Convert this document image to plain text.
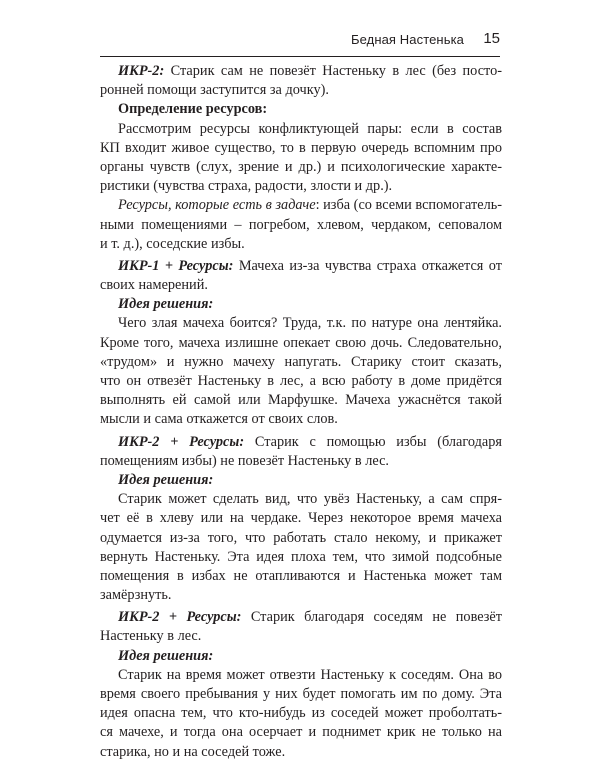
Бедная Настенька 15
ИКР-2: Старик сам не повезёт Настеньку в лес (без посто-
ронней помощи заступится за дочку).
Определение ресурсов:
Рассмотрим ресурсы конфликтующей пары: если в состав
КП входит живое существо, то в первую очередь вспомним про
органы чувств (слух, зрение и др.) и психологические характе-
ристики (чувства страха, радости, злости и др.).
Ресурсы, которые есть в задаче: изба (со всеми вспомогатель-
ными помещениями – погребом, хлевом, чердаком, сеповалом
и т. д.), соседские избы.
ИКР-1 + Ресурсы: Мачеха из-за чувства страха откажется от
своих намерений.
Идея решения:
Чего злая мачеха боится? Труда, т.к. по натуре она лентяйка.
Кроме того, мачеха излишне опекает свою дочь. Следовательно,
«трудом» и нужно мачеху напугать. Старику стоит сказать,
что он отвезёт Настеньку в лес, а всю работу в доме придётся
выполнять ей самой или Марфушке. Мачеха ужаснётся такой
мысли и сама откажется от своих слов.
ИКР-2 + Ресурсы: Старик с помощью избы (благодаря
помещениям избы) не повезёт Настеньку в лес.
Идея решения:
Старик может сделать вид, что увёз Настеньку, а сам спря-
чет её в хлеву или на чердаке. Через некоторое время мачеха
одумается из-за того, что работать стало некому, и прикажет
вернуть Настеньку. Эта идея плоха тем, что зимой подсобные
помещения в избах не отапливаются и Настенька может там
замёрзнуть.
ИКР-2 + Ресурсы: Старик благодаря соседям не повезёт
Настеньку в лес.
Идея решения:
Старик на время может отвезти Настеньку к соседям. Она во
время своего пребывания у них будет помогать им по дому. Эта
идея опасна тем, что кто-нибудь из соседей может проболтать-
ся мачехе, и тогда она осерчает и поднимет крик не только на
старика, но и на соседей тоже.
